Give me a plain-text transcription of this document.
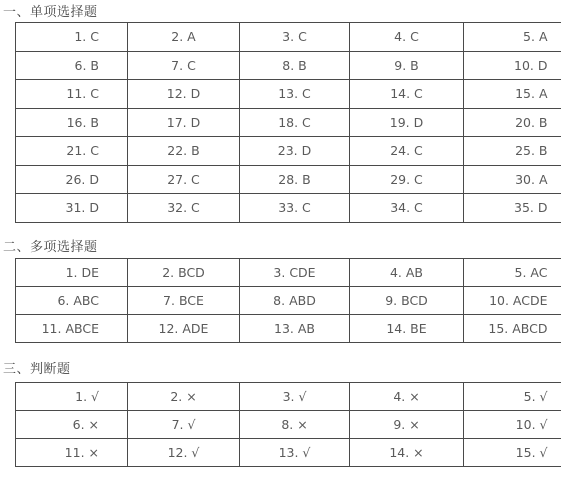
一、单项选择题
1. C	2. A	3. C	4. C	5. A
6. B	7. C	8. B	9. B	10. D
11. C	12. D	13. C	14. C	15. A
16. B	17. D	18. C	19. D	20. B
21. C	22. B	23. D	24. C	25. B
26. D	27. C	28. B	29. C	30. A
31. D	32. C	33. C	34. C	35. D
二、多项选择题
1. DE	2. BCD	3. CDE	4. AB	5. AC
6. ABC	7. BCE	8. ABD	9. BCD	10. ACDE
11. ABCE	12. ADE	13. AB	14. BE	15. ABCD
三、判断题
1. √	2. ×	3. √	4. ×	5. √
6. ×	7. √	8. ×	9. ×	10. √
11. ×	12. √	13. √	14. ×	15. √
